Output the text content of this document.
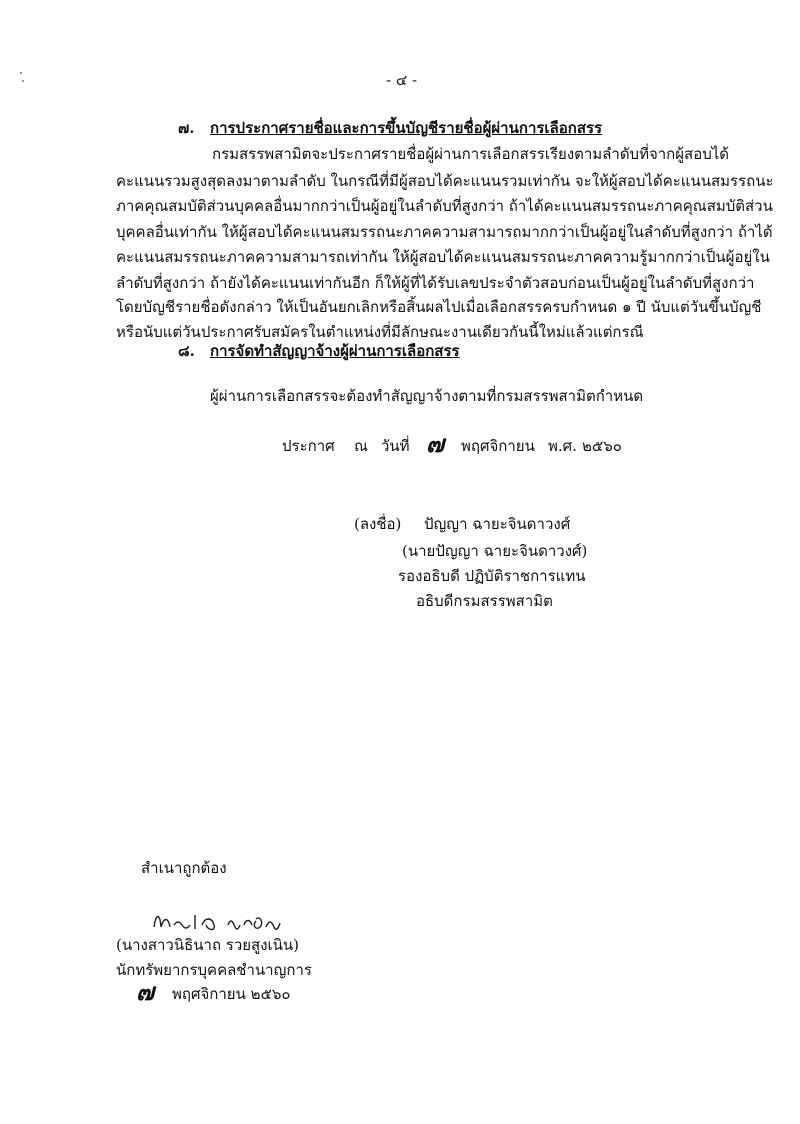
- ๔ -
๗. การประกาศรายชื่อและการขึ้นบัญชีรายชื่อผู้ผ่านการเลือกสรร
กรมสรรพสามิตจะประกาศรายชื่อผู้ผ่านการเลือกสรรเรียงตามลำดับที่จากผู้สอบได้
คะแนนรวมสูงสุดลงมาตามลำดับ ในกรณีที่มีผู้สอบได้คะแนนรวมเท่ากัน จะให้ผู้สอบได้คะแนนสมรรถนะ
ภาคคุณสมบัติส่วนบุคคลอื่นมากกว่าเป็นผู้อยู่ในลำดับที่สูงกว่า ถ้าได้คะแนนสมรรถนะภาคคุณสมบัติส่วน
บุคคลอื่นเท่ากัน ให้ผู้สอบได้คะแนนสมรรถนะภาคความสามารถมากกว่าเป็นผู้อยู่ในลำดับที่สูงกว่า ถ้าได้
คะแนนสมรรถนะภาคความสามารถเท่ากัน ให้ผู้สอบได้คะแนนสมรรถนะภาคความรู้มากกว่าเป็นผู้อยู่ใน
ลำดับที่สูงกว่า ถ้ายังได้คะแนนเท่ากันอีก ก็ให้ผู้ที่ได้รับเลขประจำตัวสอบก่อนเป็นผู้อยู่ในลำดับที่สูงกว่า
โดยบัญชีรายชื่อดังกล่าว ให้เป็นอันยกเลิกหรือสิ้นผลไปเมื่อเลือกสรรครบกำหนด ๑ ปี นับแต่วันขึ้นบัญชี
หรือนับแต่วันประกาศรับสมัครในตำแหน่งที่มีลักษณะงานเดียวกันนี้ใหม่แล้วแต่กรณี
๘. การจัดทำสัญญาจ้างผู้ผ่านการเลือกสรร
ผู้ผ่านการเลือกสรรจะต้องทำสัญญาจ้างตามที่กรมสรรพสามิตกำหนด
ประกาศ ณ วันที่ ๗ พฤศจิกายน พ.ศ. ๒๕๖๐
(ลงชื่อ) ปัญญา ฉายะจินดาวงศ์
(นายปัญญา ฉายะจินดาวงศ์)
รองอธิบดี ปฏิบัติราชการแทน
อธิบดีกรมสรรพสามิต
สำเนาถูกต้อง
(นางสาวนิธินาถ รวยสูงเนิน)
นักทรัพยากรบุคคลชำนาญการ
๗ พฤศจิกายน ๒๕๖๐
